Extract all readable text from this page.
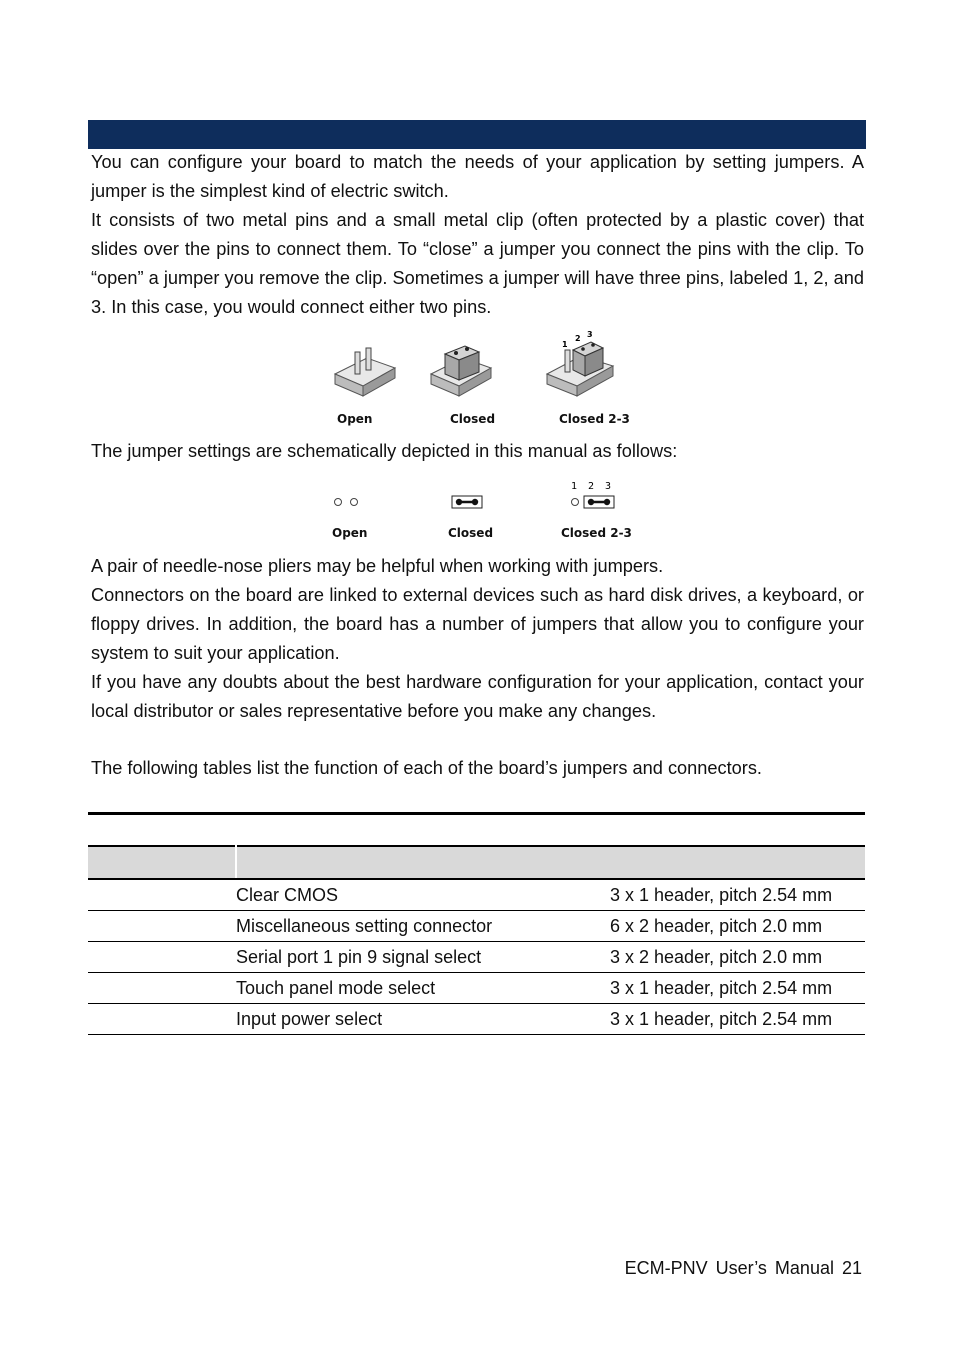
You can configure your board to match the needs of your application by setting jumpers. A jumper is the simplest kind of electric switch.

It consists of two metal pins and a small metal clip (often protected by a plastic cover) that slides over the pins to connect them. To “close” a jumper you connect the pins with the clip. To “open” a jumper you remove the clip. Sometimes a jumper will have three pins, labeled 1, 2, and 3. In this case, you would connect either two pins.

1
2 3
Open	Closed	Closed 2-3

The jumper settings are schematically depicted in this manual as follows:

1 2 3
Open	Closed	Closed 2-3

A pair of needle-nose pliers may be helpful when working with jumpers.

Connectors on the board are linked to external devices such as hard disk drives, a keyboard, or floppy drives. In addition, the board has a number of jumpers that allow you to configure your system to suit your application.

If you have any doubts about the best hardware configuration for your application, contact your local distributor or sales representative before you make any changes.

The following tables list the function of each of the board’s jumpers and connectors.

	Clear CMOS	3 x 1 header, pitch 2.54 mm
	Miscellaneous setting connector	6 x 2 header, pitch 2.0 mm
	Serial port 1 pin 9 signal select	3 x 2 header, pitch 2.0 mm
	Touch panel mode select	3 x 1 header, pitch 2.54 mm
	Input power select	3 x 1 header, pitch 2.54 mm
ECM-PNV User’s Manual 21
